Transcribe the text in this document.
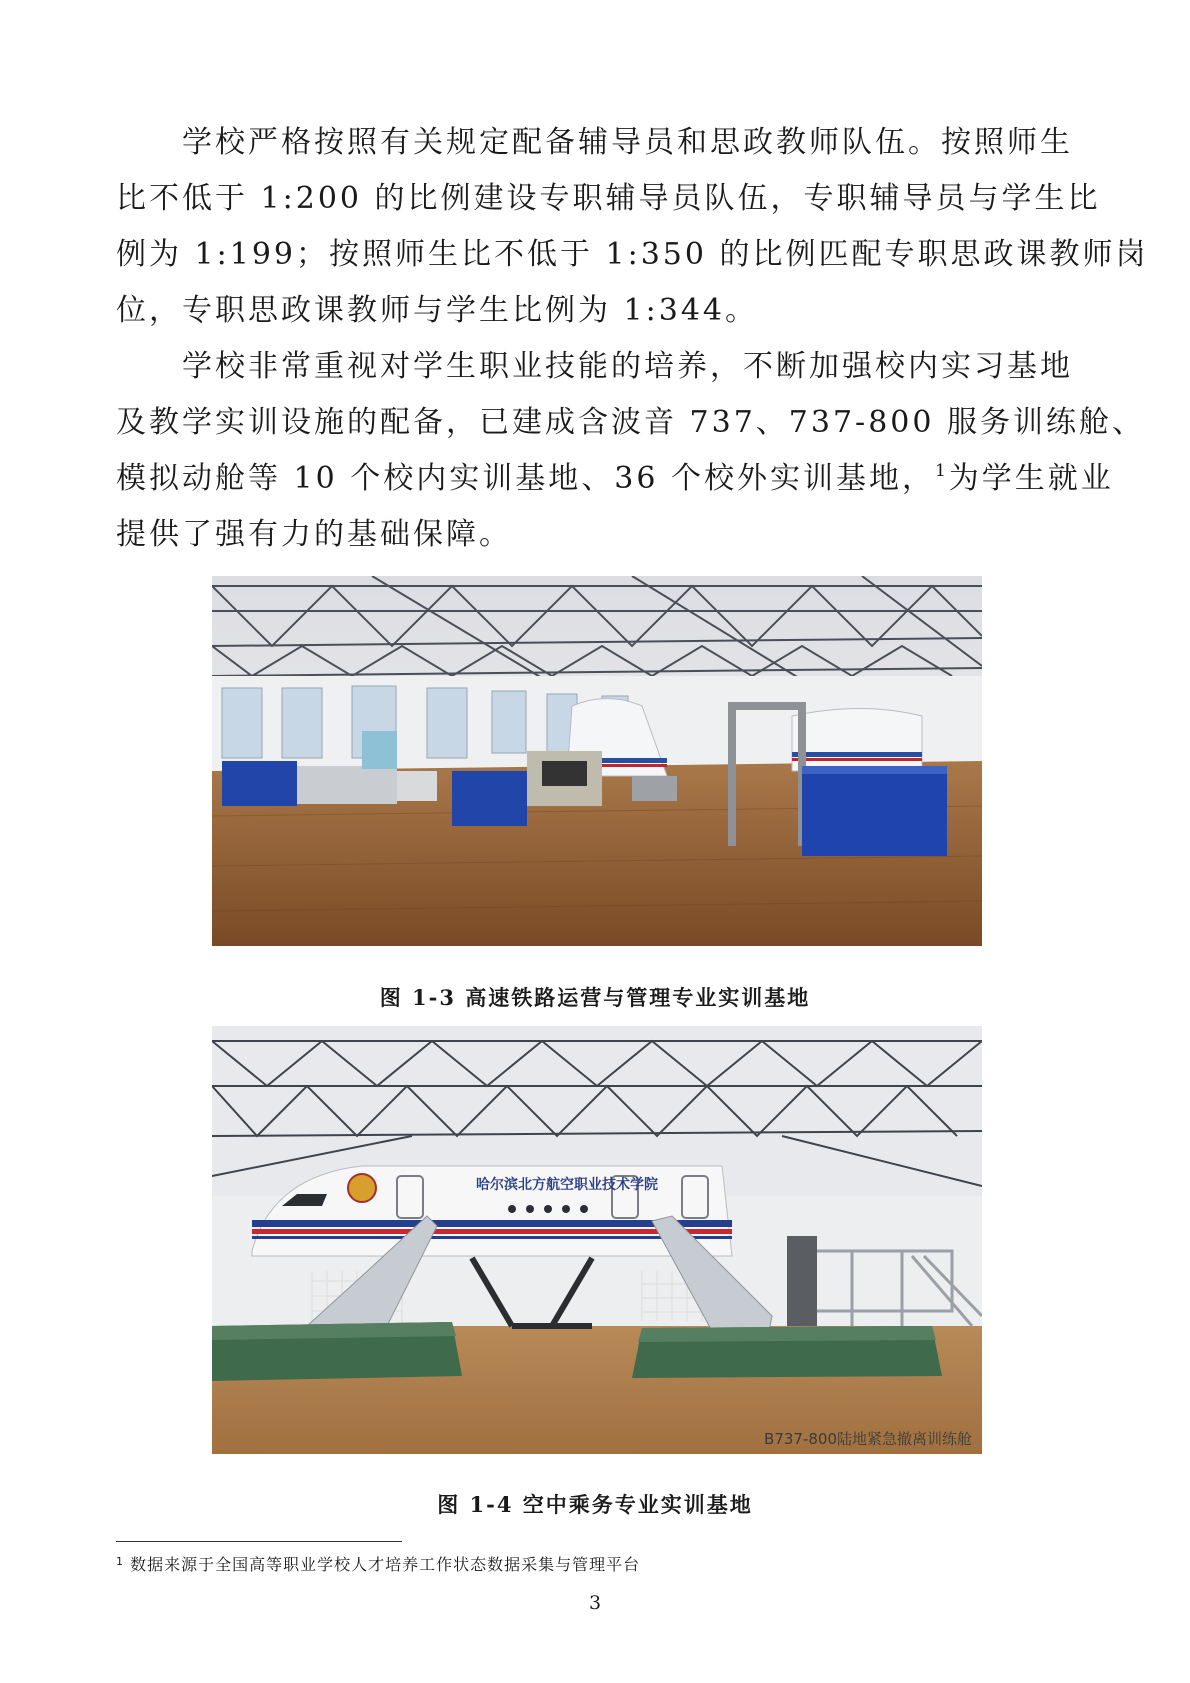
学校严格按照有关规定配备辅导员和思政教师队伍。按照师生
比不低于 1:200 的比例建设专职辅导员队伍，专职辅导员与学生比
例为 1:199；按照师生比不低于 1:350 的比例匹配专职思政课教师岗
位，专职思政课教师与学生比例为 1:344。
学校非常重视对学生职业技能的培养，不断加强校内实习基地
及教学实训设施的配备，已建成含波音 737、737-800 服务训练舱、
模拟动舱等 10 个校内实训基地、36 个校外实训基地，$^1$为学生就业
提供了强有力的基础保障。
图 1-3 高速铁路运营与管理专业实训基地
哈尔滨北方航空职业技术学院
B737-800陆地紧急撤离训练舱
图 1-4 空中乘务专业实训基地
$^1$ 数据来源于全国高等职业学校人才培养工作状态数据采集与管理平台
3
